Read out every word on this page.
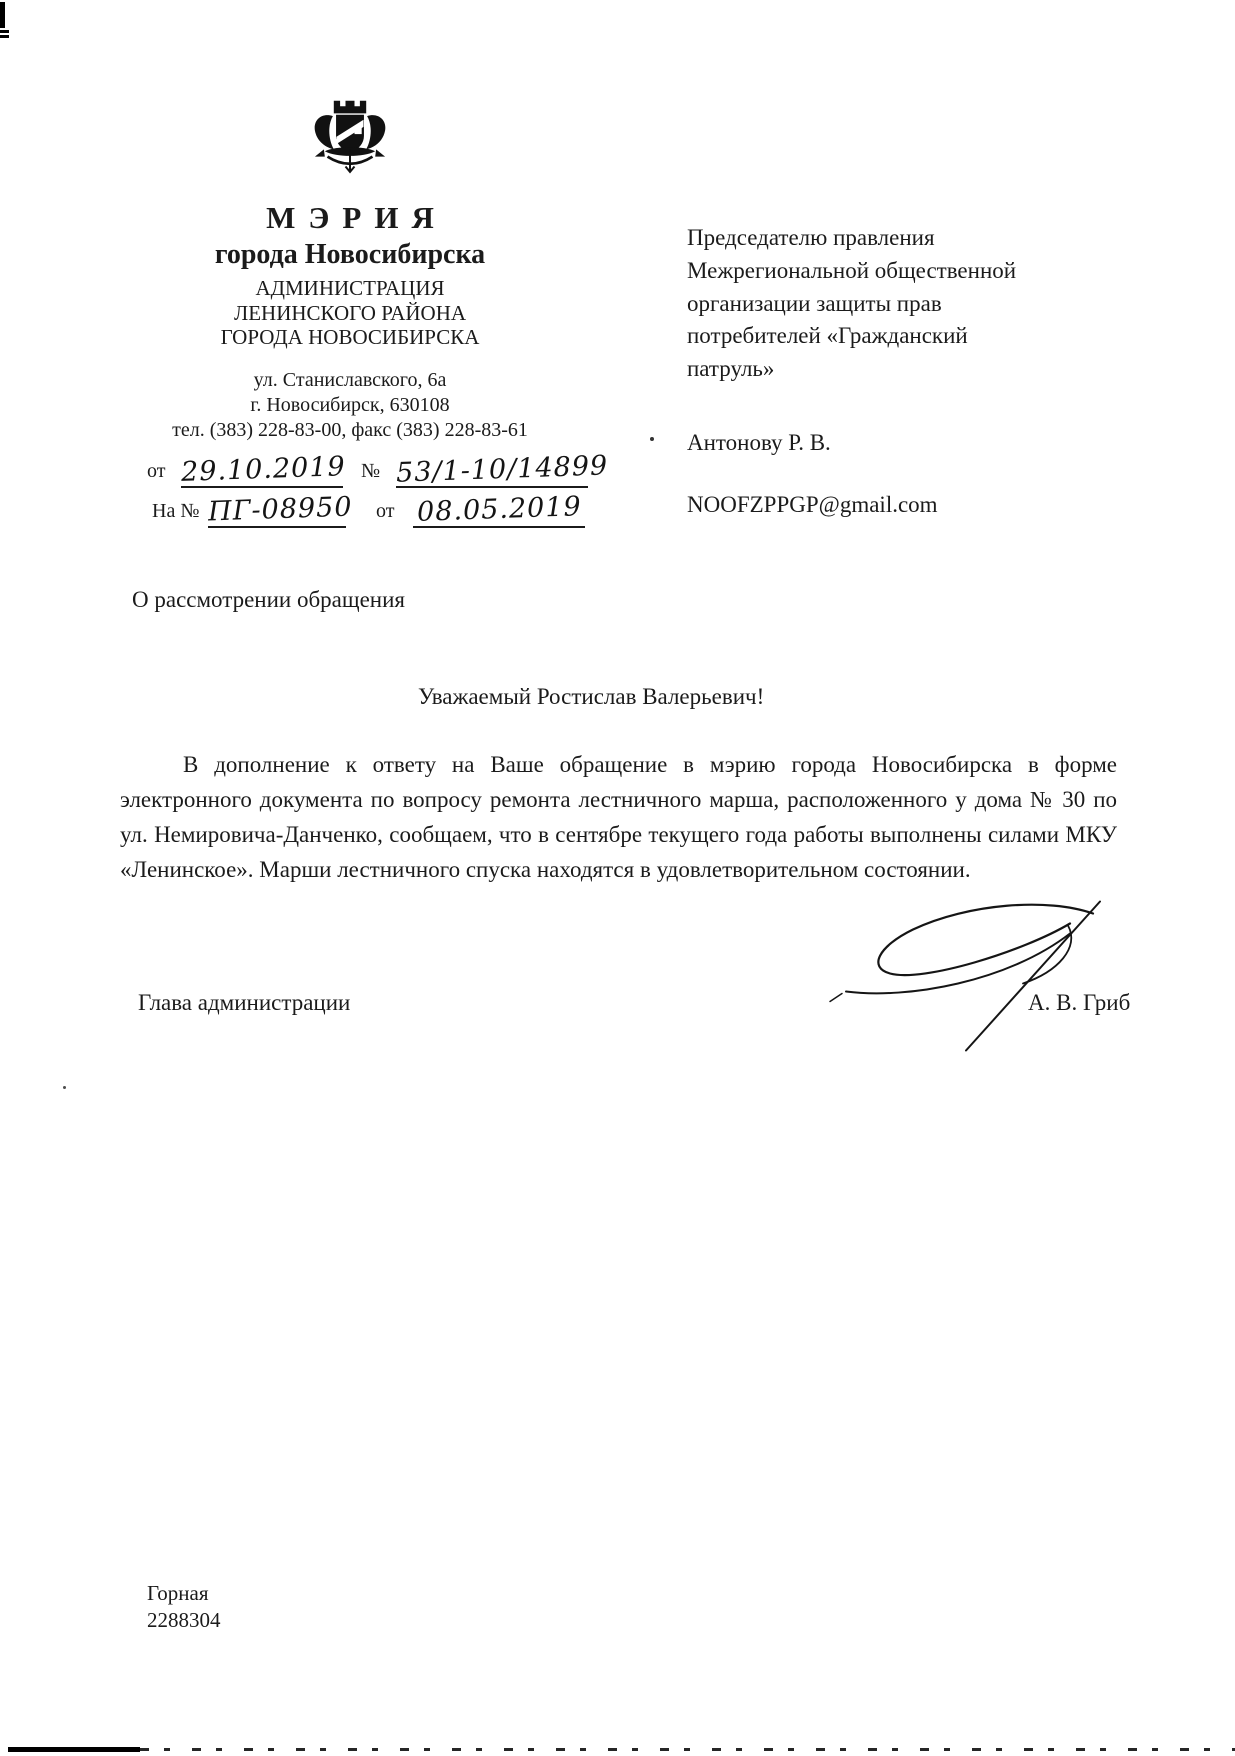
МЭРИЯ
города Новосибирска
АДМИНИСТРАЦИЯ
ЛЕНИНСКОГО РАЙОНА
ГОРОДА НОВОСИБИРСКА
ул. Станиславского, 6а
г. Новосибирск, 630108
тел. (383) 228-83-00, факс (383) 228-83-61
от 29.10.2019 № 53/1-10/14899
На № ПГ-08950 от 08.05.2019
Председателю правления
Межрегиональной общественной
организации защиты прав
потребителей «Гражданский
патруль»
Антонову Р. В.
NOOFZPPGP@gmail.com
О рассмотрении обращения
Уважаемый Ростислав Валерьевич!
В дополнение к ответу на Ваше обращение в мэрию города Новосибирска в форме электронного документа по вопросу ремонта лестничного марша, расположенного у дома № 30 по ул. Немировича-Данченко, сообщаем, что в сентябре текущего года работы выполнены силами МКУ «Ленинское». Марши лестничного спуска находятся в удовлетворительном состоянии.
Глава администрации	А. В. Гриб
Горная
2288304
